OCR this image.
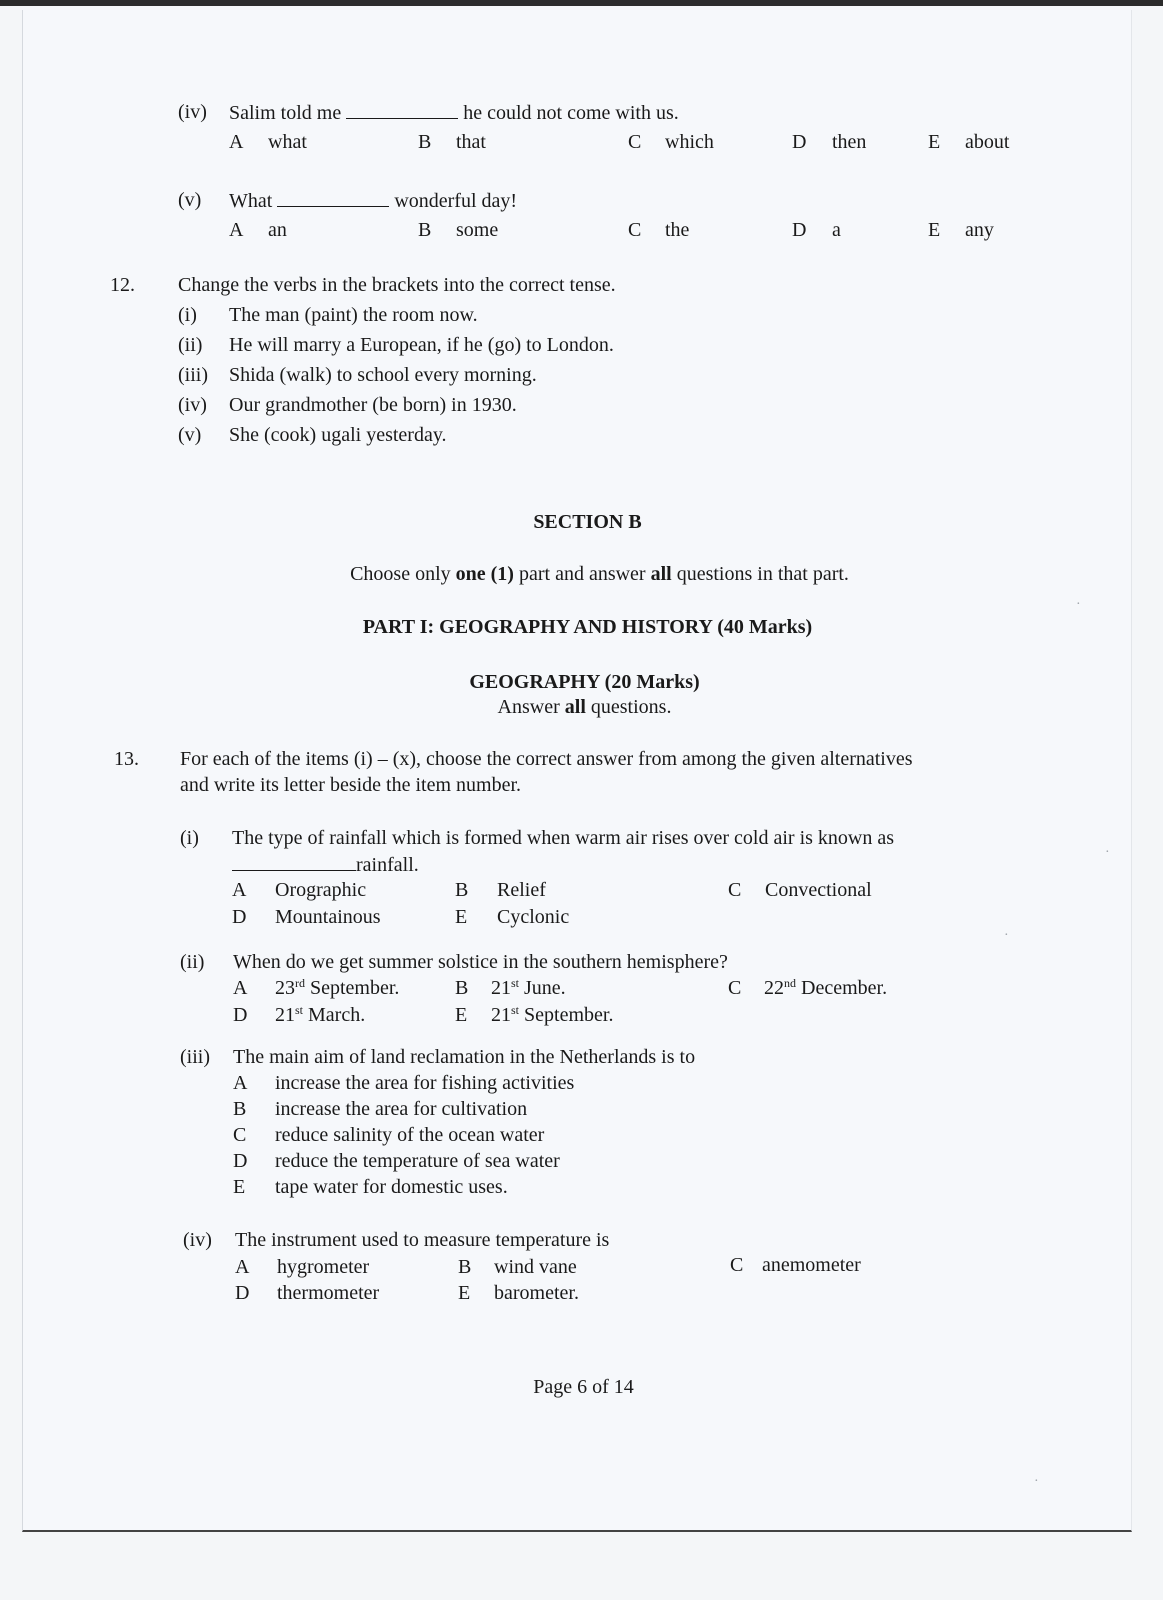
(iv) Salim told me	he could not come with us.
A what	B that	C which	D then	E about
(v) What	wonderful day!
A an	B some	C the	D a	E any
12. Change the verbs in the brackets into the correct tense.
(i) The man (paint) the room now.
(ii) He will marry a European, if he (go) to London.
(iii) Shida (walk) to school every morning.
(iv) Our grandmother (be born) in 1930.
(v) She (cook) ugali yesterday.
SECTION B
Choose only one (1) part and answer all questions in that part.
PART I: GEOGRAPHY AND HISTORY (40 Marks)
GEOGRAPHY (20 Marks)
Answer all questions.
13. For each of the items (i) – (x), choose the correct answer from among the given alternatives
and write its letter beside the item number.
(i) The type of rainfall which is formed when warm air rises over cold air is known as
rainfall.
A Orographic	B Relief	C Convectional
D Mountainous	E Cyclonic
(ii) When do we get summer solstice in the southern hemisphere?
A 23rd September.	B 21st June.	C 22nd December.
D 21st March.	E 21st September.
(iii) The main aim of land reclamation in the Netherlands is to
A increase the area for fishing activities
B increase the area for cultivation
C reduce salinity of the ocean water
D reduce the temperature of sea water
E tape water for domestic uses.
(iv) The instrument used to measure temperature is
A hygrometer	B wind vane	C anemometer
D thermometer	E barometer.
Page 6 of 14
·
·
·
·
